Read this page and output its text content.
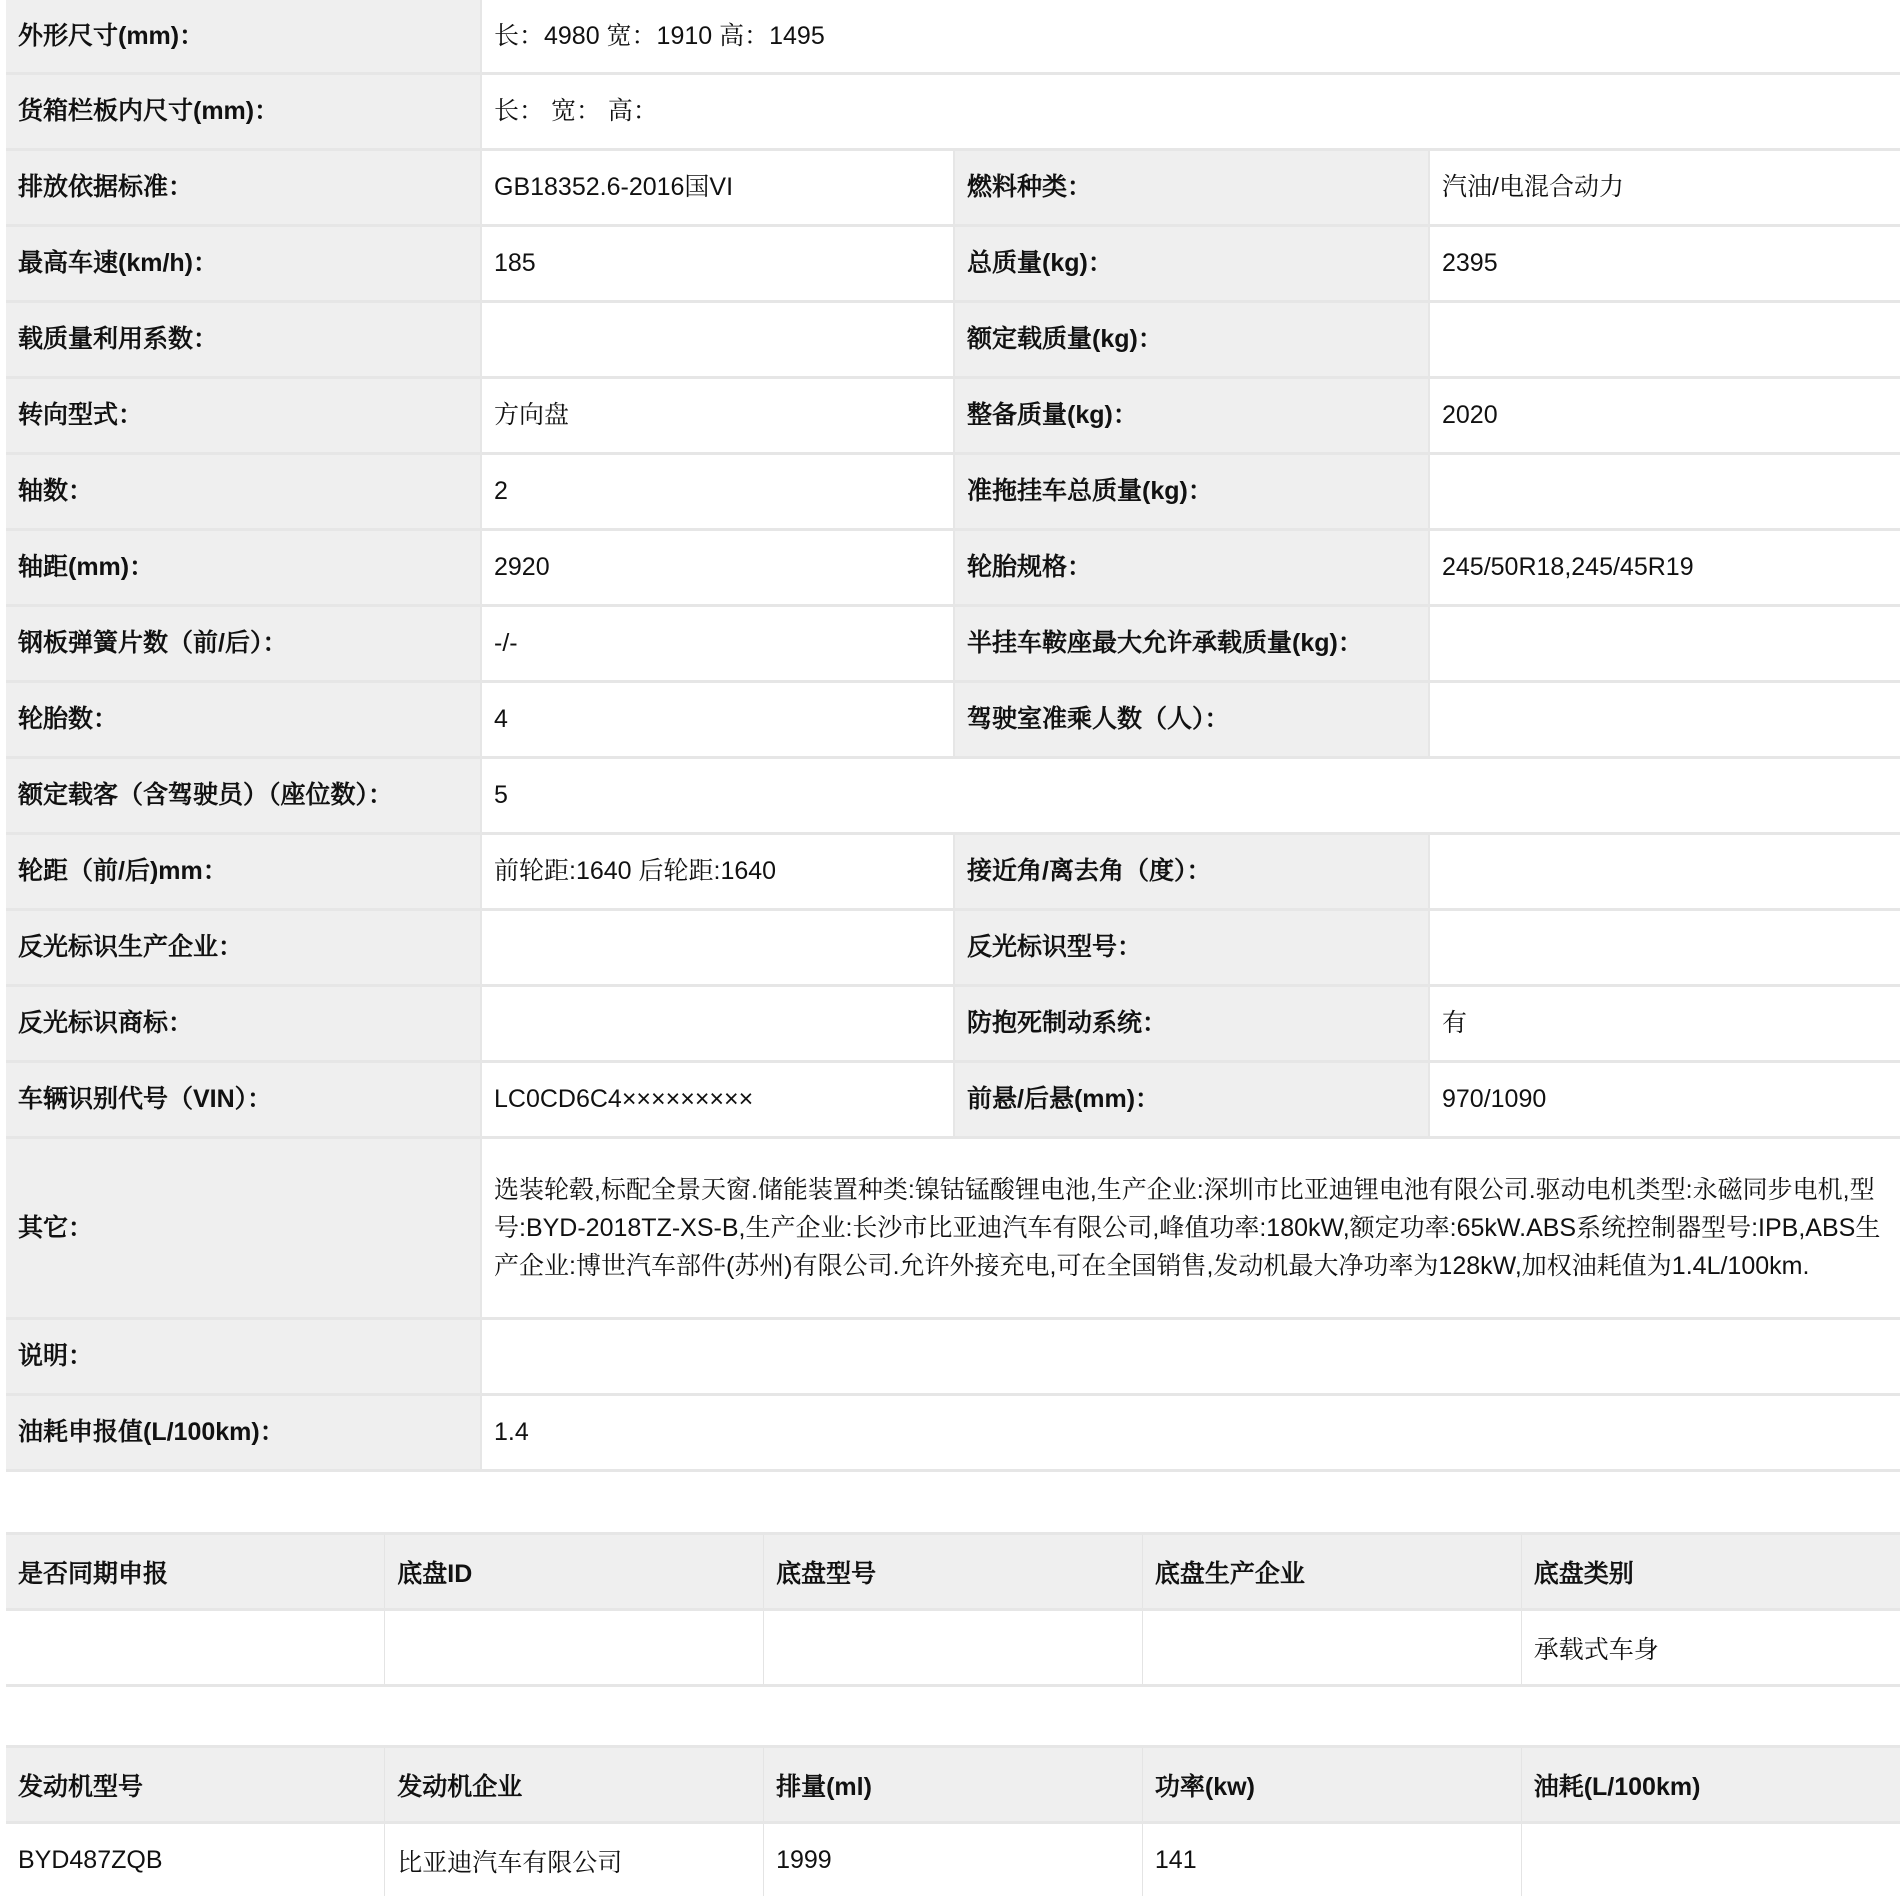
外形尺寸(mm)：	长：4980 宽：1910 高：1495		
货箱栏板内尺寸(mm)：	长： 宽： 高：		
排放依据标准：	GB18352.6-2016国VI	燃料种类：	汽油/电混合动力
最高车速(km/h)：	185	总质量(kg)：	2395
载质量利用系数：		额定载质量(kg)：	
转向型式：	方向盘	整备质量(kg)：	2020
轴数：	2	准拖挂车总质量(kg)：	
轴距(mm)：	2920	轮胎规格：	245/50R18,245/45R19
钢板弹簧片数（前/后）：	-/-	半挂车鞍座最大允许承载质量(kg)：	
轮胎数：	4	驾驶室准乘人数（人）：	
额定载客（含驾驶员）（座位数）：	5		
轮距（前/后)mm：	前轮距:1640 后轮距:1640	接近角/离去角（度）：	
反光标识生产企业：		反光标识型号：	
反光标识商标：		防抱死制动系统：	有
车辆识别代号（VIN）：	LC0CD6C4×××××××××	前悬/后悬(mm)：	970/1090
其它：	选装轮毂,标配全景天窗.储能装置种类:镍钴锰酸锂电池,生产企业:深圳市比亚迪锂电池有限公司.驱动电机类型:永磁同步电机,型号:BYD-2018TZ-XS-B,生产企业:长沙市比亚迪汽车有限公司,峰值功率:180kW,额定功率:65kW.ABS系统控制器型号:IPB,ABS生产企业:博世汽车部件(苏州)有限公司.允许外接充电,可在全国销售,发动机最大净功率为128kW,加权油耗值为1.4L/100km.		
说明：			
油耗申报值(L/100km)：	1.4		
是否同期申报	底盘ID	底盘型号	底盘生产企业	底盘类别
				承载式车身
发动机型号	发动机企业	排量(ml)	功率(kw)	油耗(L/100km)
BYD487ZQB	比亚迪汽车有限公司	1999	141	
